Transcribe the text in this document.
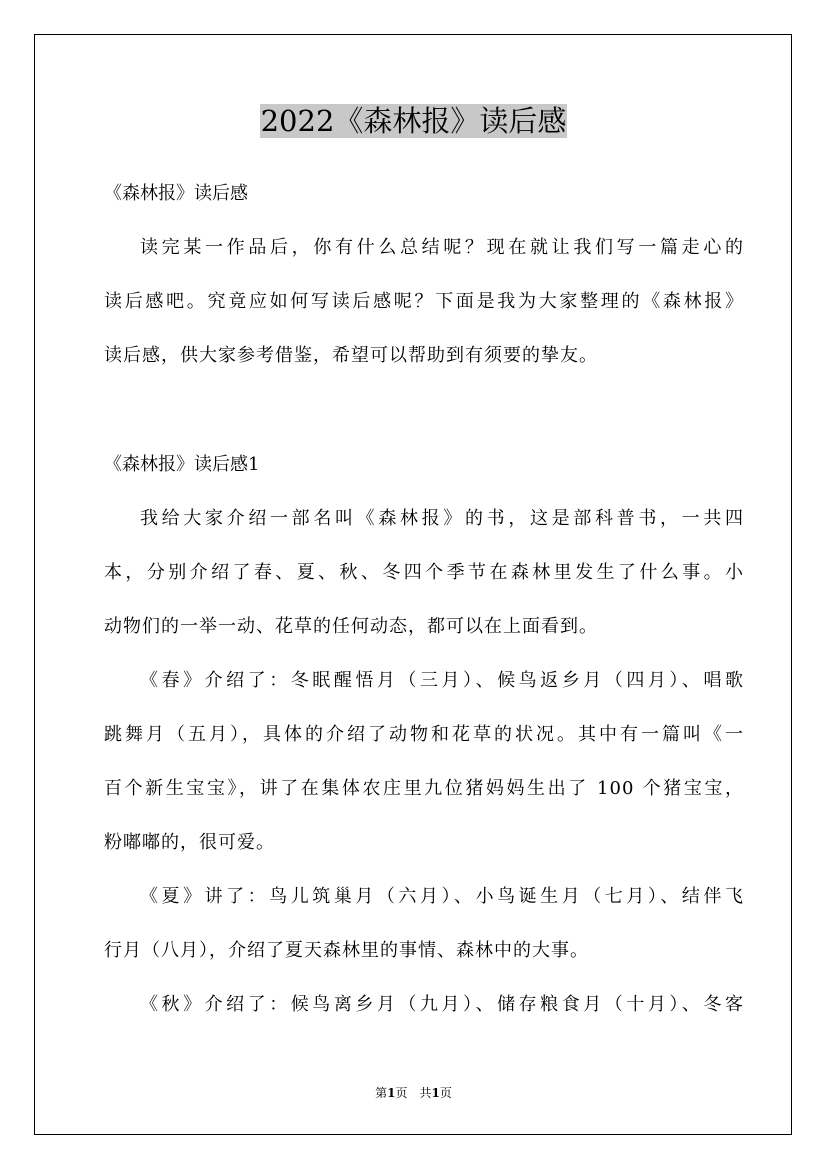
2022《森林报》读后感
《森林报》读后感
读完某一作品后，你有什么总结呢？现在就让我们写一篇走心的
读后感吧。究竟应如何写读后感呢？下面是我为大家整理的《森林报》
读后感，供大家参考借鉴，希望可以帮助到有须要的挚友。
《森林报》读后感1
我给大家介绍一部名叫《森林报》的书，这是部科普书，一共四
本，分别介绍了春、夏、秋、冬四个季节在森林里发生了什么事。小
动物们的一举一动、花草的任何动态，都可以在上面看到。
《春》介绍了：冬眠醒悟月（三月）、候鸟返乡月（四月）、唱歌
跳舞月（五月），具体的介绍了动物和花草的状况。其中有一篇叫《一
百个新生宝宝》，讲了在集体农庄里九位猪妈妈生出了 100 个猪宝宝，
粉嘟嘟的，很可爱。
《夏》讲了：鸟儿筑巢月（六月）、小鸟诞生月（七月）、结伴飞
行月（八月），介绍了夏天森林里的事情、森林中的大事。
《秋》介绍了：候鸟离乡月（九月）、储存粮食月（十月）、冬客
第1页　共1页
